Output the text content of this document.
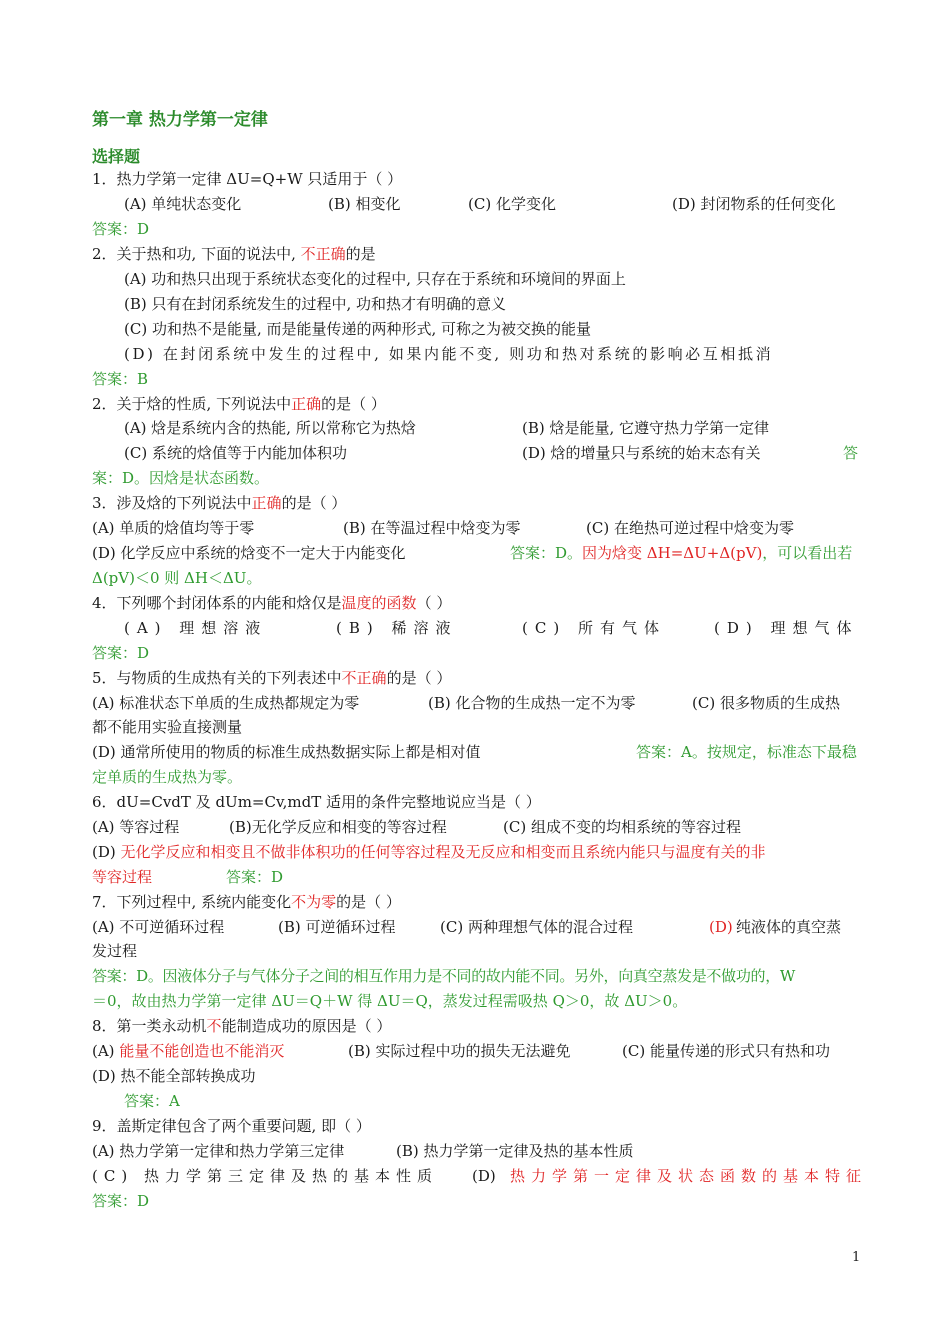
第一章 热力学第一定律
选择题
1．热力学第一定律 ΔU=Q+W 只适用于（ ）
(A) 单纯状态变化	(B) 相变化	(C) 化学变化	(D) 封闭物系的任何变化
答案：D
2．关于热和功, 下面的说法中, 不正确的是
(A) 功和热只出现于系统状态变化的过程中, 只存在于系统和环境间的界面上
(B) 只有在封闭系统发生的过程中, 功和热才有明确的意义
(C) 功和热不是能量, 而是能量传递的两种形式, 可称之为被交换的能量
(D) 在封闭系统中发生的过程中, 如果内能不变, 则功和热对系统的影响必互相抵消
答案：B
2．关于焓的性质, 下列说法中正确的是（ ）
(A) 焓是系统内含的热能, 所以常称它为热焓	(B) 焓是能量, 它遵守热力学第一定律
(C) 系统的焓值等于内能加体积功	(D) 焓的增量只与系统的始末态有关	答
案：D。因焓是状态函数。
3．涉及焓的下列说法中正确的是（ ）
(A) 单质的焓值均等于零	(B) 在等温过程中焓变为零	(C) 在绝热可逆过程中焓变为零
(D) 化学反应中系统的焓变不一定大于内能变化	答案：D。因为焓变 ΔH=ΔU+Δ(pV)，可以看出若
Δ(pV)＜0 则 ΔH＜ΔU。
4．下列哪个封闭体系的内能和焓仅是温度的函数（ ）
(A) 理想溶液	(B) 稀溶液	(C) 所有气体	(D) 理想气体
答案：D
5．与物质的生成热有关的下列表述中不正确的是（ ）
(A) 标准状态下单质的生成热都规定为零	(B) 化合物的生成热一定不为零	(C) 很多物质的生成热
都不能用实验直接测量
(D) 通常所使用的物质的标准生成热数据实际上都是相对值	答案：A。按规定，标准态下最稳
定单质的生成热为零。
6．dU=CvdT 及 dUm=Cv,mdT 适用的条件完整地说应当是（ ）
(A) 等容过程	(B)无化学反应和相变的等容过程	(C) 组成不变的均相系统的等容过程
(D) 无化学反应和相变且不做非体积功的任何等容过程及无反应和相变而且系统内能只与温度有关的非
等容过程	答案：D
7．下列过程中, 系统内能变化不为零的是（ ）
(A) 不可逆循环过程	(B) 可逆循环过程	(C) 两种理想气体的混合过程	(D) 纯液体的真空蒸
发过程
答案：D。因液体分子与气体分子之间的相互作用力是不同的故内能不同。另外，向真空蒸发是不做功的，W
＝0，故由热力学第一定律 ΔU＝Q＋W 得 ΔU＝Q，蒸发过程需吸热 Q＞0，故 ΔU＞0。
8．第一类永动机不能制造成功的原因是（ ）
(A) 能量不能创造也不能消灭	(B) 实际过程中功的损失无法避免	(C) 能量传递的形式只有热和功
(D) 热不能全部转换成功
答案：A
9．盖斯定律包含了两个重要问题, 即（ ）
(A) 热力学第一定律和热力学第三定律	(B) 热力学第一定律及热的基本性质
(C) 热力学第三定律及热的基本性质 (D) 热力学第一定律及状态函数的基本特征
答案：D
1
